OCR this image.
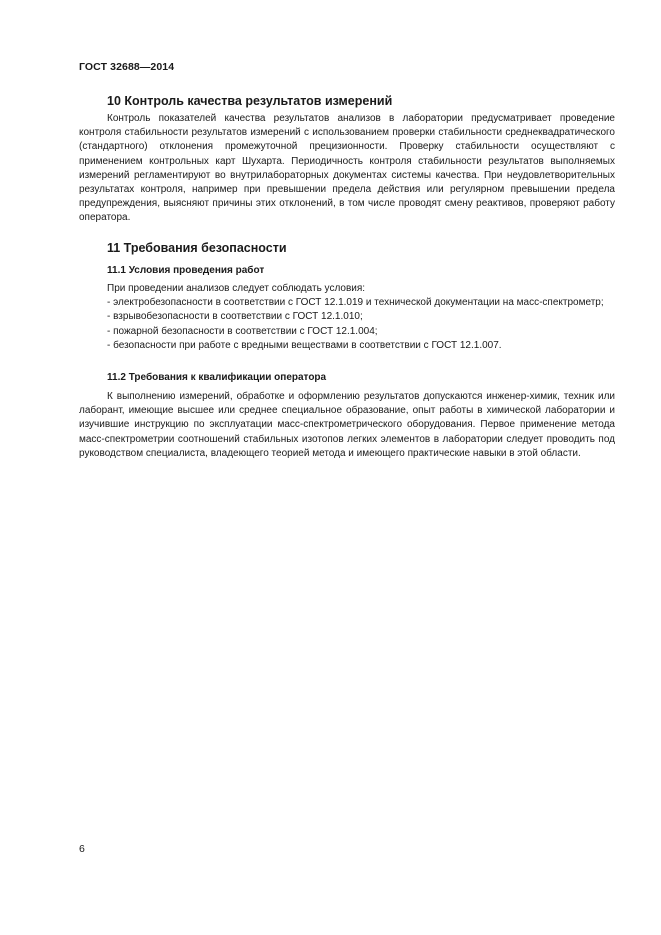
ГОСТ 32688—2014
10 Контроль качества результатов измерений

Контроль показателей качества результатов анализов в лаборатории предусматривает проведение контроля стабильности результатов измерений с использованием проверки стабильности среднеквадратического (стандартного) отклонения промежуточной прецизионности. Проверку стабильности осуществляют с применением контрольных карт Шухарта. Периодичность контроля стабильности результатов выполняемых измерений регламентируют во внутрилабораторных документах системы качества. При неудовлетворительных результатах контроля, например при превышении предела действия или регулярном превышении предела предупреждения, выясняют причины этих отклонений, в том числе проводят смену реактивов, проверяют работу оператора.

11 Требования безопасности
11.1 Условия проведения работ

При проведении анализов следует соблюдать условия:

- электробезопасности в соответствии с ГОСТ 12.1.019 и технической документации на масс-спектрометр;

- взрывобезопасности в соответствии с ГОСТ 12.1.010;

- пожарной безопасности в соответствии с ГОСТ 12.1.004;

- безопасности при работе с вредными веществами в соответствии с ГОСТ 12.1.007.

11.2 Требования к квалификации оператора

К выполнению измерений, обработке и оформлению результатов допускаются инженер-химик, техник или лаборант, имеющие высшее или среднее специальное образование, опыт работы в химической лаборатории и изучившие инструкцию по эксплуатации масс-спектрометрического оборудования. Первое применение метода масс-спектрометрии соотношений стабильных изотопов легких элементов в лаборатории следует проводить под руководством специалиста, владеющего теорией метода и имеющего практические навыки в этой области.

6
